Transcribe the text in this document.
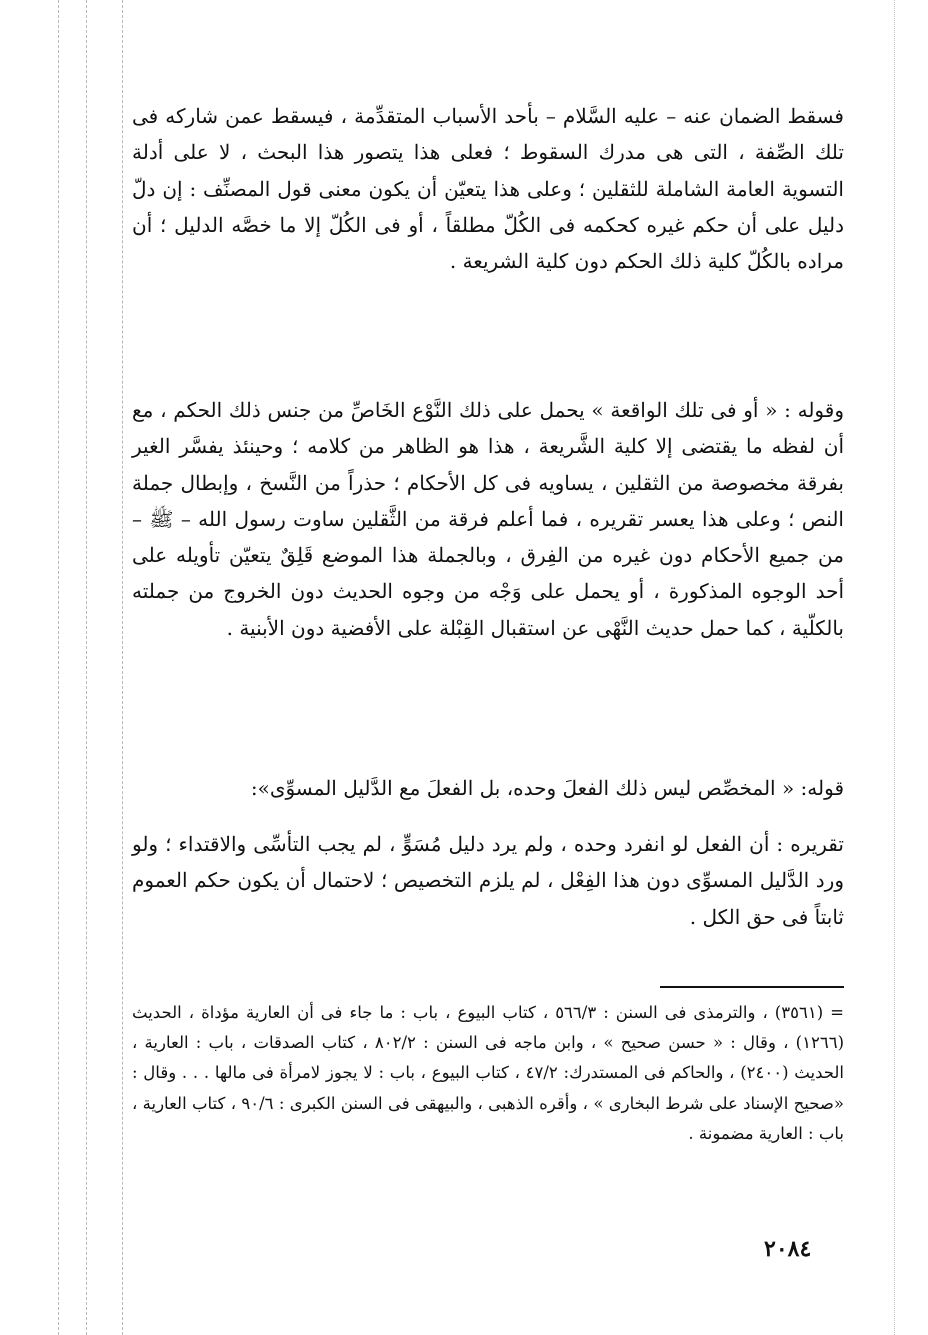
فسقط الضمان عنه – عليه السَّلام – بأحد الأسباب المتقدِّمة ، فيسقط عمن شاركه فى تلك الصِّفة ، التى هى مدرك السقوط ؛ فعلى هذا يتصور هذا البحث ، لا على أدلة التسوية العامة الشاملة للثقلين ؛ وعلى هذا يتعيّن أن يكون معنى قول المصنِّف : إن دلّ دليل على أن حكم غيره كحكمه فى الكُلّ مطلقاً ، أو فى الكُلّ إلا ما خصَّه الدليل ؛ أن مراده بالكُلّ كلية ذلك الحكم دون كلية الشريعة .

وقوله : « أو فى تلك الواقعة » يحمل على ذلك النَّوْع الخَاصِّ من جنس ذلك الحكم ، مع أن لفظه ما يقتضى إلا كلية الشَّريعة ، هذا هو الظاهر من كلامه ؛ وحينئذ يفسَّر الغير بفرقة مخصوصة من الثقلين ، يساويه فى كل الأحكام ؛ حذراً من النَّسخ ، وإبطال جملة النص ؛ وعلى هذا يعسر تقريره ، فما أعلم فرقة من الثَّقلين ساوت رسول الله – ﷺ – من جميع الأحكام دون غيره من الفِرق ، وبالجملة هذا الموضع قَلِقٌ يتعيّن تأويله على أحد الوجوه المذكورة ، أو يحمل على وَجْه من وجوه الحديث دون الخروج من جملته بالكلّية ، كما حمل حديث النَّهْى عن استقبال القِبْلة على الأفضية دون الأبنية .

قوله: « المخصِّص ليس ذلك الفعلَ وحده، بل الفعلَ مع الدَّليل المسوِّى»:

تقريره : أن الفعل لو انفرد وحده ، ولم يرد دليل مُسَوٍّ ، لم يجب التأسِّى والاقتداء ؛ ولو ورد الدَّليل المسوِّى دون هذا الفِعْل ، لم يلزم التخصيص ؛ لاحتمال أن يكون حكم العموم ثابتاً فى حق الكل .

= (٣٥٦١) ، والترمذى فى السنن : ٥٦٦/٣ ، كتاب البيوع ، باب : ما جاء فى أن العارية مؤداة ، الحديث (١٢٦٦) ، وقال : « حسن صحيح » ، وابن ماجه فى السنن : ٨٠٢/٢ ، كتاب الصدقات ، باب : العارية ، الحديث (٢٤٠٠) ، والحاكم فى المستدرك: ٤٧/٢ ، كتاب البيوع ، باب : لا يجوز لامرأة فى مالها . . . وقال : «صحيح الإسناد على شرط البخارى » ، وأقره الذهبى ، والبيهقى فى السنن الكبرى : ٩٠/٦ ، كتاب العارية ، باب : العارية مضمونة .

٢٠٨٤
